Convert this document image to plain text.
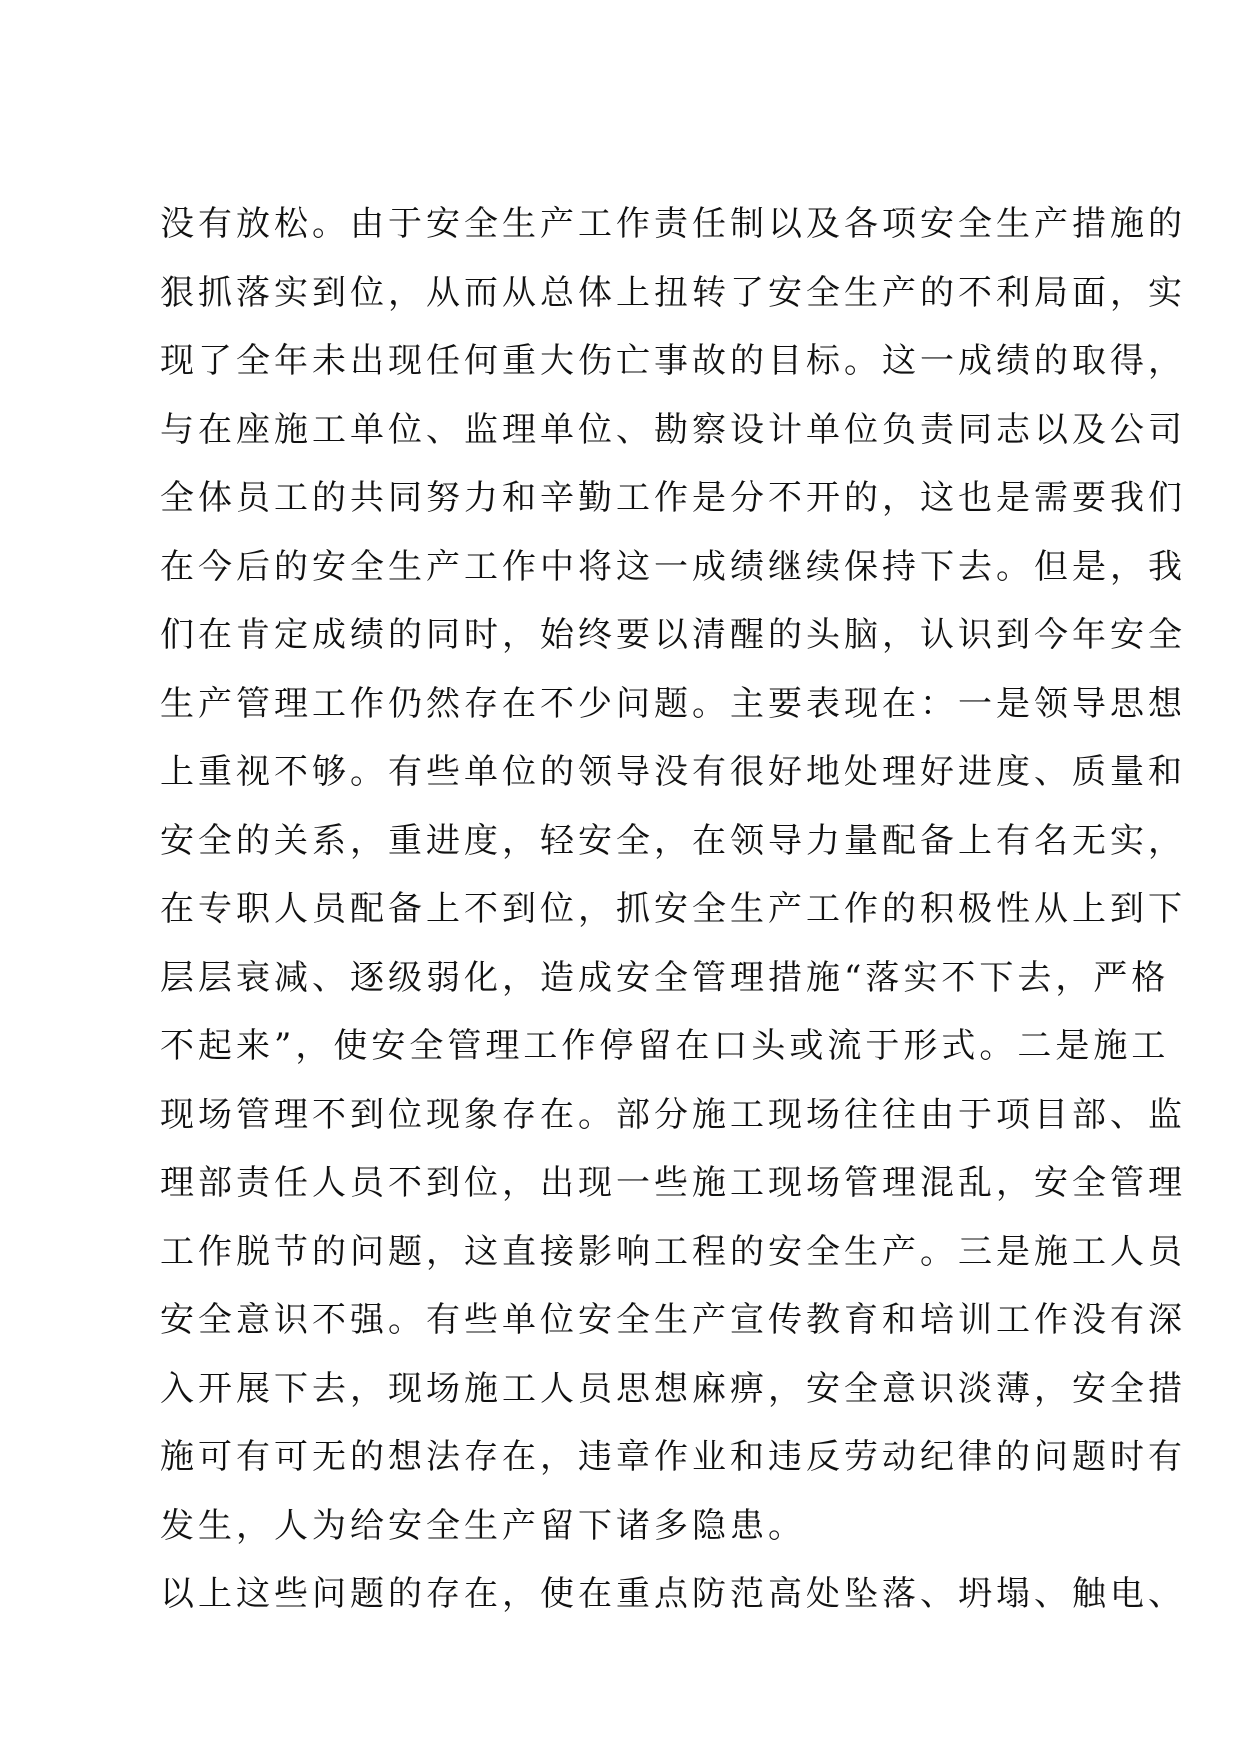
没有放松。由于安全生产工作责任制以及各项安全生产措施的
狠抓落实到位，从而从总体上扭转了安全生产的不利局面，实
现了全年未出现任何重大伤亡事故的目标。这一成绩的取得，
与在座施工单位、监理单位、勘察设计单位负责同志以及公司
全体员工的共同努力和辛勤工作是分不开的，这也是需要我们
在今后的安全生产工作中将这一成绩继续保持下去。但是，我
们在肯定成绩的同时，始终要以清醒的头脑，认识到今年安全
生产管理工作仍然存在不少问题。主要表现在：一是领导思想
上重视不够。有些单位的领导没有很好地处理好进度、质量和
安全的关系，重进度，轻安全，在领导力量配备上有名无实，
在专职人员配备上不到位，抓安全生产工作的积极性从上到下
层层衰减、逐级弱化，造成安全管理措施“落实不下去，严格
不起来”，使安全管理工作停留在口头或流于形式。二是施工
现场管理不到位现象存在。部分施工现场往往由于项目部、监
理部责任人员不到位，出现一些施工现场管理混乱，安全管理
工作脱节的问题，这直接影响工程的安全生产。三是施工人员
安全意识不强。有些单位安全生产宣传教育和培训工作没有深
入开展下去，现场施工人员思想麻痹，安全意识淡薄，安全措
施可有可无的想法存在，违章作业和违反劳动纪律的问题时有
发生，人为给安全生产留下诸多隐患。
以上这些问题的存在，使在重点防范高处坠落、坍塌、触电、
